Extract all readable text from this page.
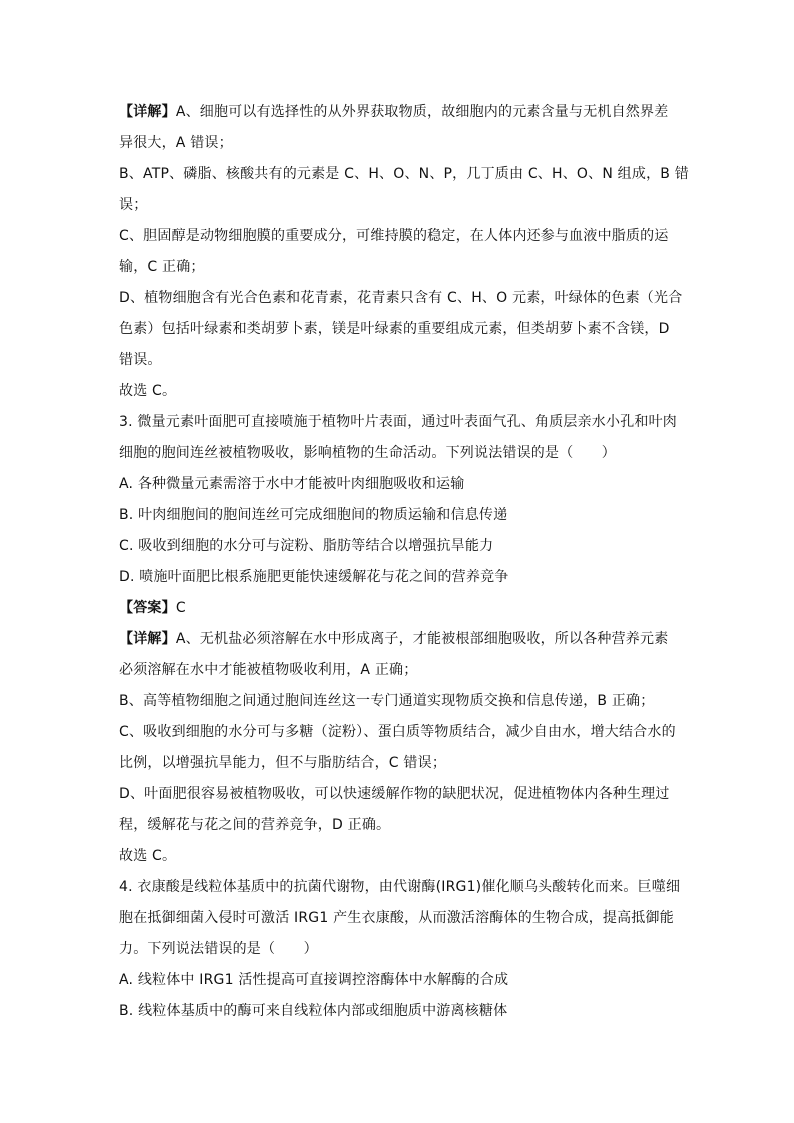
【详解】A、细胞可以有选择性的从外界获取物质，故细胞内的元素含量与无机自然界差
异很大，A 错误；
B、ATP、磷脂、核酸共有的元素是 C、H、O、N、P，几丁质由 C、H、O、N 组成，B 错
误；
C、胆固醇是动物细胞膜的重要成分，可维持膜的稳定，在人体内还参与血液中脂质的运
输，C 正确；
D、植物细胞含有光合色素和花青素，花青素只含有 C、H、O 元素，叶绿体的色素（光合
色素）包括叶绿素和类胡萝卜素，镁是叶绿素的重要组成元素，但类胡萝卜素不含镁，D
错误。
故选 C。
3. 微量元素叶面肥可直接喷施于植物叶片表面，通过叶表面气孔、角质层亲水小孔和叶肉
细胞的胞间连丝被植物吸收，影响植物的生命活动。下列说法错误的是（　　）
A. 各种微量元素需溶于水中才能被叶肉细胞吸收和运输
B. 叶肉细胞间的胞间连丝可完成细胞间的物质运输和信息传递
C. 吸收到细胞的水分可与淀粉、脂肪等结合以增强抗旱能力
D. 喷施叶面肥比根系施肥更能快速缓解花与花之间的营养竞争
【答案】C
【详解】A、无机盐必须溶解在水中形成离子，才能被根部细胞吸收，所以各种营养元素
必须溶解在水中才能被植物吸收利用，A 正确；
B、高等植物细胞之间通过胞间连丝这一专门通道实现物质交换和信息传递，B 正确；
C、吸收到细胞的水分可与多糖（淀粉）、蛋白质等物质结合，减少自由水，增大结合水的
比例，以增强抗旱能力，但不与脂肪结合，C 错误；
D、叶面肥很容易被植物吸收，可以快速缓解作物的缺肥状况，促进植物体内各种生理过
程，缓解花与花之间的营养竞争，D 正确。
故选 C。
4. 衣康酸是线粒体基质中的抗菌代谢物，由代谢酶(IRG1)催化顺乌头酸转化而来。巨噬细
胞在抵御细菌入侵时可激活 IRG1 产生衣康酸，从而激活溶酶体的生物合成，提高抵御能
力。下列说法错误的是（　　）
A. 线粒体中 IRG1 活性提高可直接调控溶酶体中水解酶的合成
B. 线粒体基质中的酶可来自线粒体内部或细胞质中游离核糖体
